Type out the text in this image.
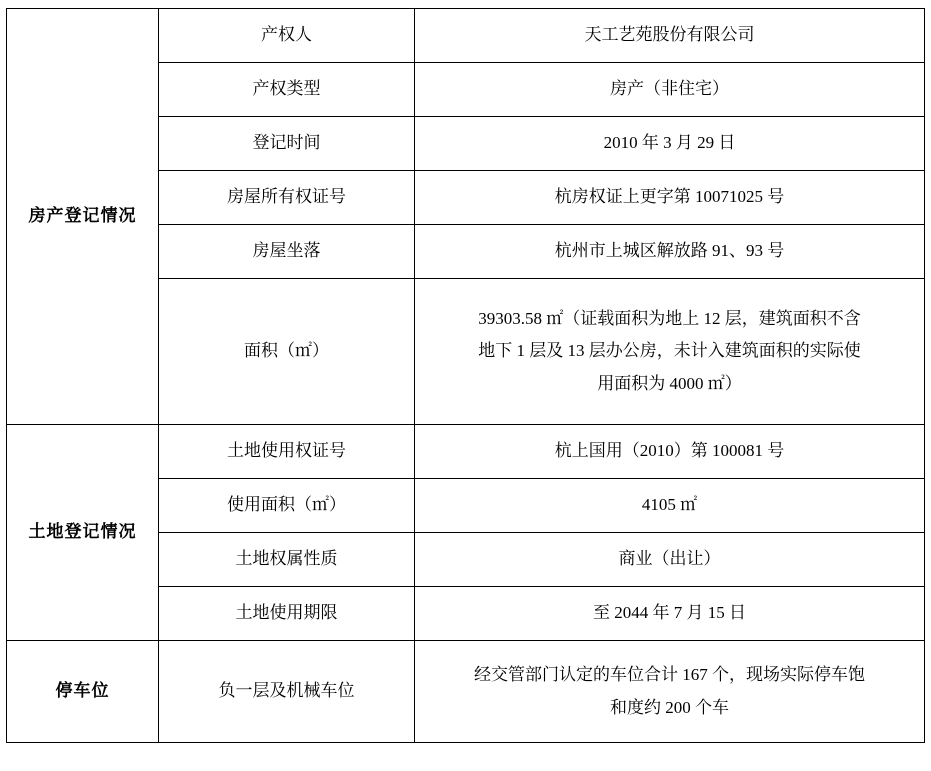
房产登记情况	产权人	天工艺苑股份有限公司
	产权类型	房产（非住宅）
	登记时间	2010 年 3 月 29 日
	房屋所有权证号	杭房权证上更字第 10071025 号
	房屋坐落	杭州市上城区解放路 91、93 号
	面积（㎡）	39303.58 ㎡（证载面积为地上 12 层，建筑面积不含
地下 1 层及 13 层办公房，未计入建筑面积的实际使
用面积为 4000 ㎡）

土地登记情况	土地使用权证号	杭上国用（2010）第 100081 号
	使用面积（㎡）	4105 ㎡
	土地权属性质	商业（出让）
	土地使用期限	至 2044 年 7 月 15 日
停车位	负一层及机械车位	经交管部门认定的车位合计 167 个，现场实际停车饱
和度约 200 个车
